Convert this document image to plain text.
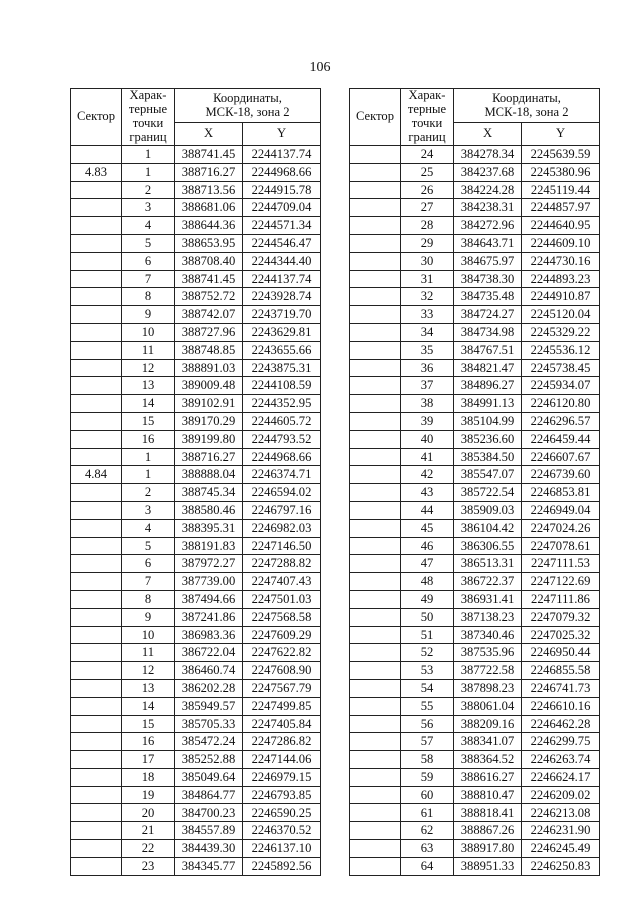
106
Сектор	Харак-
терные
точки
границ	Координаты,
МСК-18, зона 2	
		X	Y
	1	388741.45	2244137.74
4.83	1	388716.27	2244968.66
	2	388713.56	2244915.78
	3	388681.06	2244709.04
	4	388644.36	2244571.34
	5	388653.95	2244546.47
	6	388708.40	2244344.40
	7	388741.45	2244137.74
	8	388752.72	2243928.74
	9	388742.07	2243719.70
	10	388727.96	2243629.81
	11	388748.85	2243655.66
	12	388891.03	2243875.31
	13	389009.48	2244108.59
	14	389102.91	2244352.95
	15	389170.29	2244605.72
	16	389199.80	2244793.52
	1	388716.27	2244968.66
4.84	1	388888.04	2246374.71
	2	388745.34	2246594.02
	3	388580.46	2246797.16
	4	388395.31	2246982.03
	5	388191.83	2247146.50
	6	387972.27	2247288.82
	7	387739.00	2247407.43
	8	387494.66	2247501.03
	9	387241.86	2247568.58
	10	386983.36	2247609.29
	11	386722.04	2247622.82
	12	386460.74	2247608.90
	13	386202.28	2247567.79
	14	385949.57	2247499.85
	15	385705.33	2247405.84
	16	385472.24	2247286.82
	17	385252.88	2247144.06
	18	385049.64	2246979.15
	19	384864.77	2246793.85
	20	384700.23	2246590.25
	21	384557.89	2246370.52
	22	384439.30	2246137.10
	23	384345.77	2245892.56
Сектор	Харак-
терные
точки
границ	Координаты,
МСК-18, зона 2	
		X	Y
	24	384278.34	2245639.59
	25	384237.68	2245380.96
	26	384224.28	2245119.44
	27	384238.31	2244857.97
	28	384272.96	2244640.95
	29	384643.71	2244609.10
	30	384675.97	2244730.16
	31	384738.30	2244893.23
	32	384735.48	2244910.87
	33	384724.27	2245120.04
	34	384734.98	2245329.22
	35	384767.51	2245536.12
	36	384821.47	2245738.45
	37	384896.27	2245934.07
	38	384991.13	2246120.80
	39	385104.99	2246296.57
	40	385236.60	2246459.44
	41	385384.50	2246607.67
	42	385547.07	2246739.60
	43	385722.54	2246853.81
	44	385909.03	2246949.04
	45	386104.42	2247024.26
	46	386306.55	2247078.61
	47	386513.31	2247111.53
	48	386722.37	2247122.69
	49	386931.41	2247111.86
	50	387138.23	2247079.32
	51	387340.46	2247025.32
	52	387535.96	2246950.44
	53	387722.58	2246855.58
	54	387898.23	2246741.73
	55	388061.04	2246610.16
	56	388209.16	2246462.28
	57	388341.07	2246299.75
	58	388364.52	2246263.74
	59	388616.27	2246624.17
	60	388810.47	2246209.02
	61	388818.41	2246213.08
	62	388867.26	2246231.90
	63	388917.80	2246245.49
	64	388951.33	2246250.83
